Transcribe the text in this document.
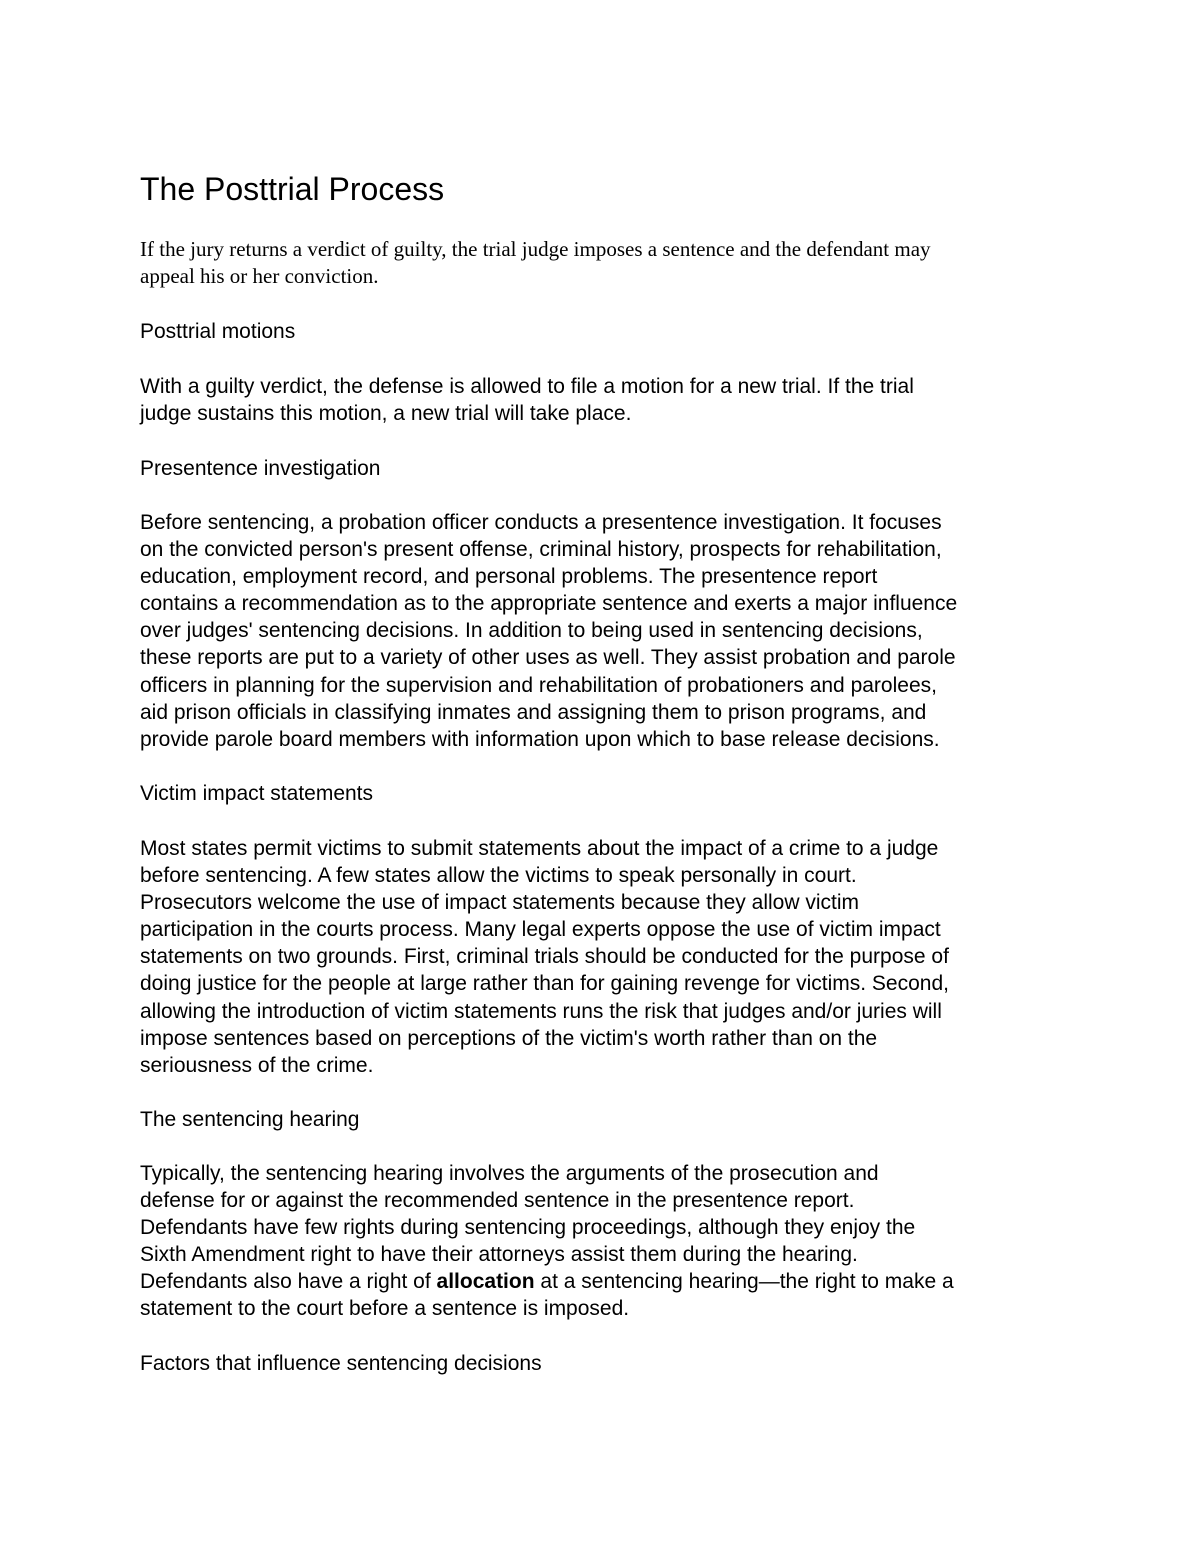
The Posttrial Process

If the jury returns a verdict of guilty, the trial judge imposes a sentence and the defendant may
appeal his or her conviction.

Posttrial motions

With a guilty verdict, the defense is allowed to file a motion for a new trial. If the trial
judge sustains this motion, a new trial will take place.

Presentence investigation

Before sentencing, a probation officer conducts a presentence investigation. It focuses
on the convicted person's present offense, criminal history, prospects for rehabilitation,
education, employment record, and personal problems. The presentence report
contains a recommendation as to the appropriate sentence and exerts a major influence
over judges' sentencing decisions. In addition to being used in sentencing decisions,
these reports are put to a variety of other uses as well. They assist probation and parole
officers in planning for the supervision and rehabilitation of probationers and parolees,
aid prison officials in classifying inmates and assigning them to prison programs, and
provide parole board members with information upon which to base release decisions.

Victim impact statements

Most states permit victims to submit statements about the impact of a crime to a judge
before sentencing. A few states allow the victims to speak personally in court.
Prosecutors welcome the use of impact statements because they allow victim
participation in the courts process. Many legal experts oppose the use of victim impact
statements on two grounds. First, criminal trials should be conducted for the purpose of
doing justice for the people at large rather than for gaining revenge for victims. Second,
allowing the introduction of victim statements runs the risk that judges and/or juries will
impose sentences based on perceptions of the victim's worth rather than on the
seriousness of the crime.

The sentencing hearing

Typically, the sentencing hearing involves the arguments of the prosecution and
defense for or against the recommended sentence in the presentence report.
Defendants have few rights during sentencing proceedings, although they enjoy the
Sixth Amendment right to have their attorneys assist them during the hearing.
Defendants also have a right of allocation at a sentencing hearing—the right to make a
statement to the court before a sentence is imposed.

Factors that influence sentencing decisions
